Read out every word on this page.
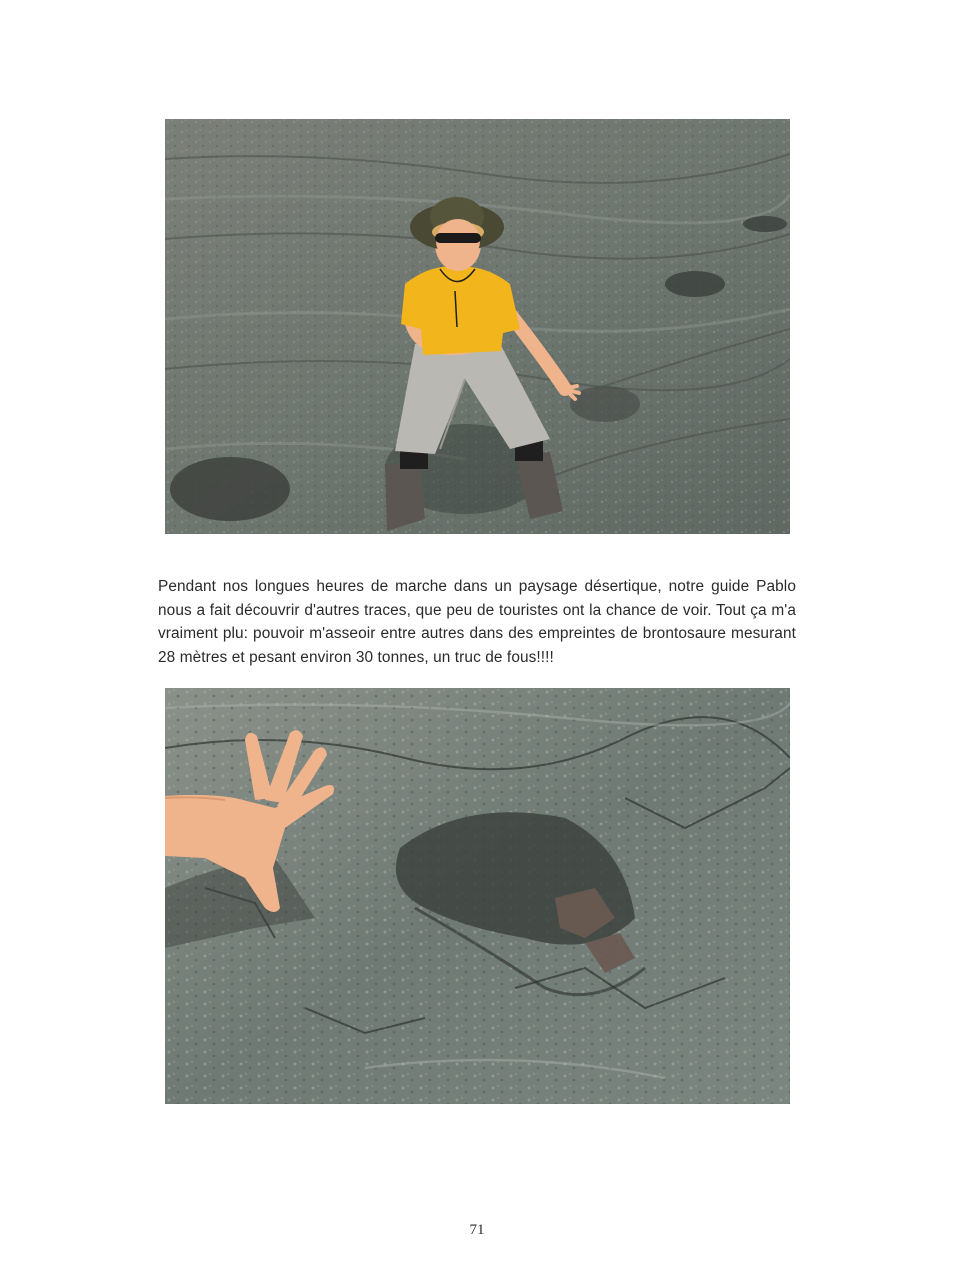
Pendant nos longues heures de marche dans un paysage désertique, notre guide Pablo nous a fait découvrir d'autres traces, que peu de touristes ont la chance de voir. Tout ça m'a vraiment plu: pouvoir m'asseoir entre autres dans des empreintes de brontosaure mesurant 28 mètres et pesant environ 30 tonnes, un truc de fous!!!!

71
